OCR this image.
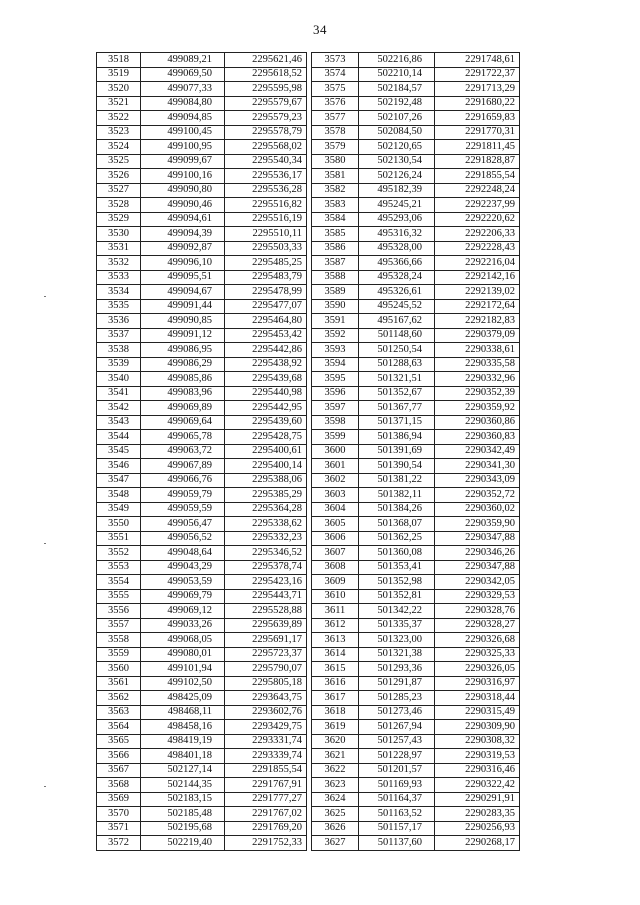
34
3518	499089,21	2295621,46
3519	499069,50	2295618,52
3520	499077,33	2295595,98
3521	499084,80	2295579,67
3522	499094,85	2295579,23
3523	499100,45	2295578,79
3524	499100,95	2295568,02
3525	499099,67	2295540,34
3526	499100,16	2295536,17
3527	499090,80	2295536,28
3528	499090,46	2295516,82
3529	499094,61	2295516,19
3530	499094,39	2295510,11
3531	499092,87	2295503,33
3532	499096,10	2295485,25
3533	499095,51	2295483,79
3534	499094,67	2295478,99
3535	499091,44	2295477,07
3536	499090,85	2295464,80
3537	499091,12	2295453,42
3538	499086,95	2295442,86
3539	499086,29	2295438,92
3540	499085,86	2295439,68
3541	499083,96	2295440,98
3542	499069,89	2295442,95
3543	499069,64	2295439,60
3544	499065,78	2295428,75
3545	499063,72	2295400,61
3546	499067,89	2295400,14
3547	499066,76	2295388,06
3548	499059,79	2295385,29
3549	499059,59	2295364,28
3550	499056,47	2295338,62
3551	499056,52	2295332,23
3552	499048,64	2295346,52
3553	499043,29	2295378,74
3554	499053,59	2295423,16
3555	499069,79	2295443,71
3556	499069,12	2295528,88
3557	499033,26	2295639,89
3558	499068,05	2295691,17
3559	499080,01	2295723,37
3560	499101,94	2295790,07
3561	499102,50	2295805,18
3562	498425,09	2293643,75
3563	498468,11	2293602,76
3564	498458,16	2293429,75
3565	498419,19	2293331,74
3566	498401,18	2293339,74
3567	502127,14	2291855,54
3568	502144,35	2291767,91
3569	502183,15	2291777,27
3570	502185,48	2291767,02
3571	502195,68	2291769,20
3572	502219,40	2291752,33
3573	502216,86	2291748,61
3574	502210,14	2291722,37
3575	502184,57	2291713,29
3576	502192,48	2291680,22
3577	502107,26	2291659,83
3578	502084,50	2291770,31
3579	502120,65	2291811,45
3580	502130,54	2291828,87
3581	502126,24	2291855,54
3582	495182,39	2292248,24
3583	495245,21	2292237,99
3584	495293,06	2292220,62
3585	495316,32	2292206,33
3586	495328,00	2292228,43
3587	495366,66	2292216,04
3588	495328,24	2292142,16
3589	495326,61	2292139,02
3590	495245,52	2292172,64
3591	495167,62	2292182,83
3592	501148,60	2290379,09
3593	501250,54	2290338,61
3594	501288,63	2290335,58
3595	501321,51	2290332,96
3596	501352,67	2290352,39
3597	501367,77	2290359,92
3598	501371,15	2290360,86
3599	501386,94	2290360,83
3600	501391,69	2290342,49
3601	501390,54	2290341,30
3602	501381,22	2290343,09
3603	501382,11	2290352,72
3604	501384,26	2290360,02
3605	501368,07	2290359,90
3606	501362,25	2290347,88
3607	501360,08	2290346,26
3608	501353,41	2290347,88
3609	501352,98	2290342,05
3610	501352,81	2290329,53
3611	501342,22	2290328,76
3612	501335,37	2290328,27
3613	501323,00	2290326,68
3614	501321,38	2290325,33
3615	501293,36	2290326,05
3616	501291,87	2290316,97
3617	501285,23	2290318,44
3618	501273,46	2290315,49
3619	501267,94	2290309,90
3620	501257,43	2290308,32
3621	501228,97	2290319,53
3622	501201,57	2290316,46
3623	501169,93	2290322,42
3624	501164,37	2290291,91
3625	501163,52	2290283,35
3626	501157,17	2290256,93
3627	501137,60	2290268,17
